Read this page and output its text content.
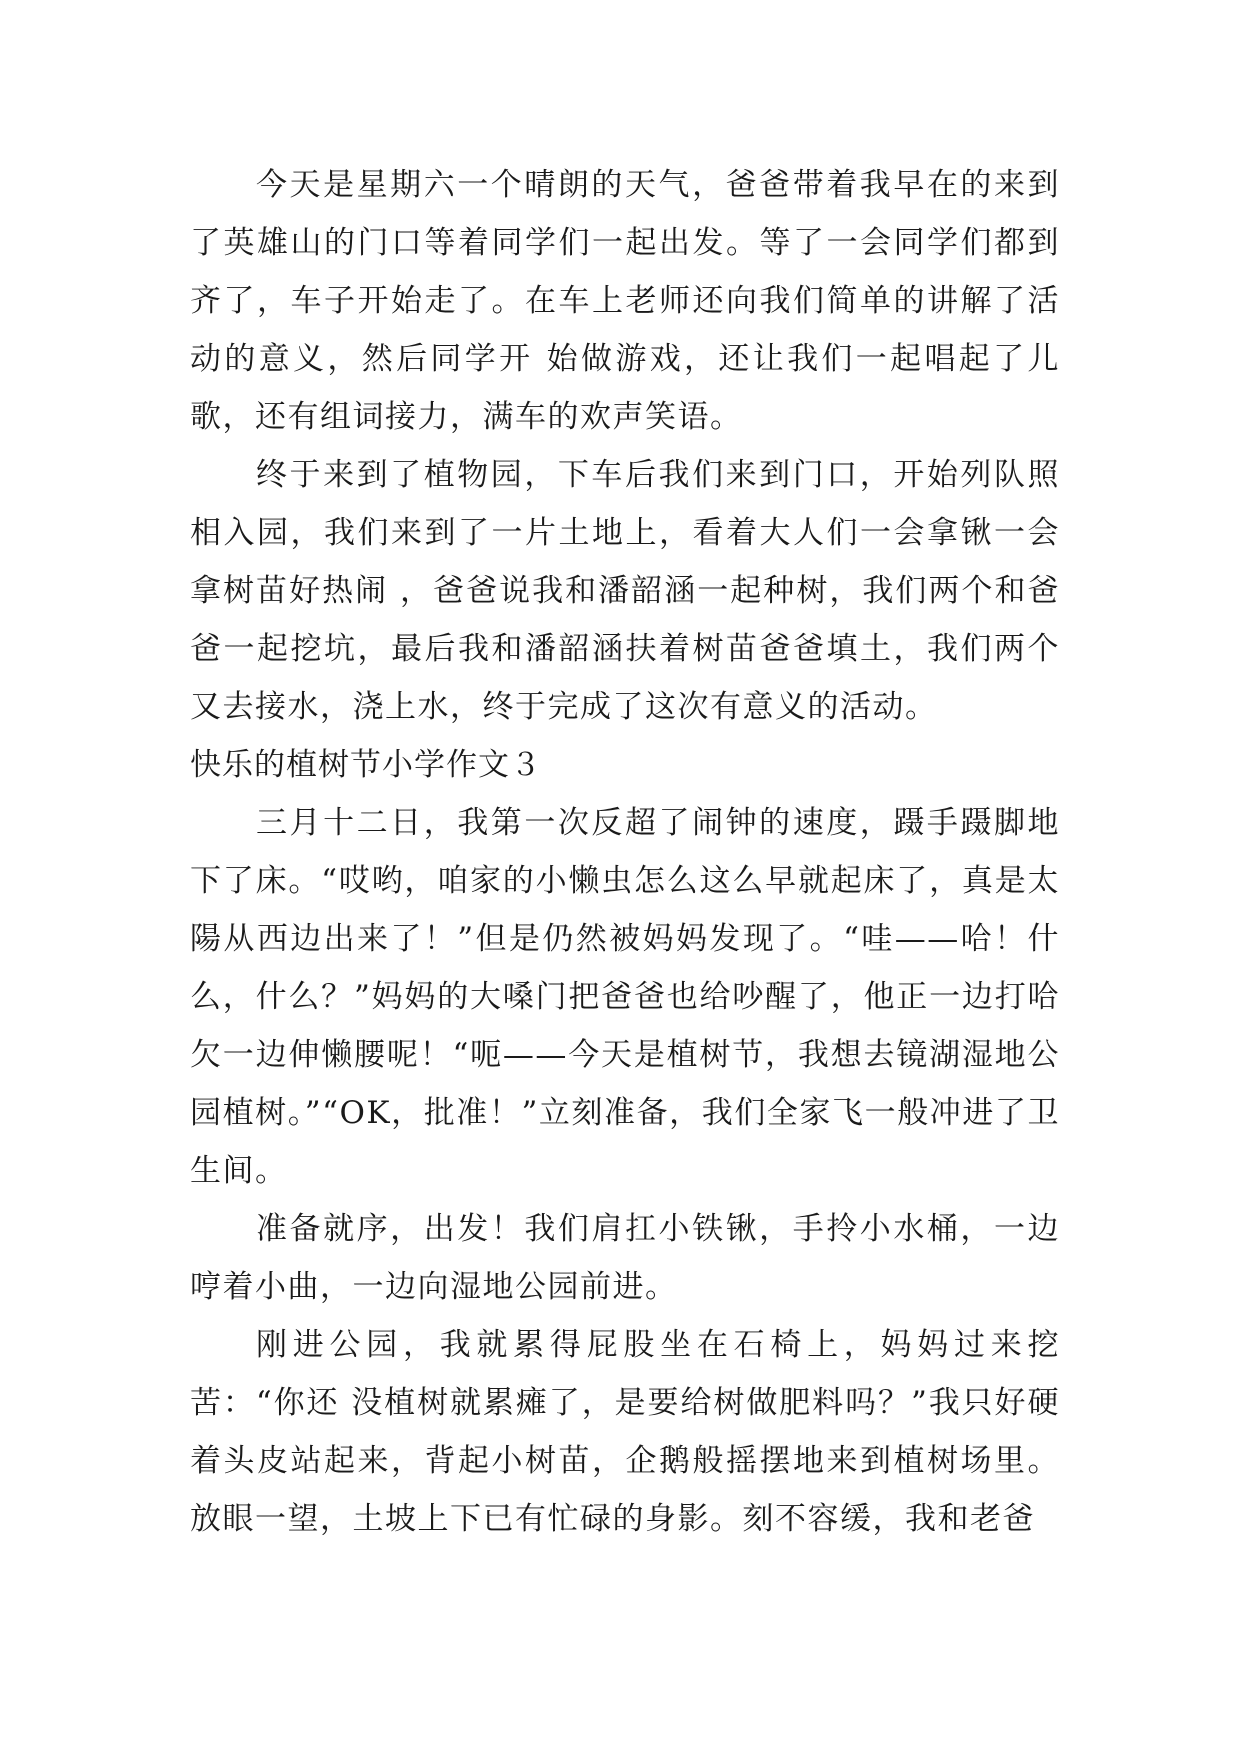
今天是星期六一个晴朗的天气，爸爸带着我早在的来到了英雄山的门口等着同学们一起出发。等了一会同学们都到齐了，车子开始走了。在车上老师还向我们简单的讲解了活动的意义，然后同学开 始做游戏，还让我们一起唱起了儿歌，还有组词接力，满车的欢声笑语。

终于来到了植物园，下车后我们来到门口，开始列队照相入园，我们来到了一片土地上，看着大人们一会拿锹一会拿树苗好热闹 ，爸爸说我和潘韶涵一起种树，我们两个和爸爸一起挖坑，最后我和潘韶涵扶着树苗爸爸填土，我们两个又去接水，浇上水，终于完成了这次有意义的活动。

快乐的植树节小学作文３

三月十二日，我第一次反超了闹钟的速度，蹑手蹑脚地下了床。“哎哟，咱家的小懒虫怎么这么早就起床了，真是太陽从西边出来了！”但是仍然被妈妈发现了。“哇——哈！什么，什么？”妈妈的大嗓门把爸爸也给吵醒了，他正一边打哈欠一边伸懒腰呢！“呃——今天是植树节，我想去镜湖湿地公园植树。”“OK，批准！”立刻准备，我们全家飞一般冲进了卫生间。

准备就序，出发！我们肩扛小铁锹，手拎小水桶，一边哼着小曲，一边向湿地公园前进。

刚进公园，我就累得屁股坐在石椅上，妈妈过来挖苦：“你还 没植树就累瘫了，是要给树做肥料吗？”我只好硬着头皮站起来，背起小树苗，企鹅般摇摆地来到植树场里。放眼一望，土坡上下已有忙碌的身影。刻不容缓，我和老爸
